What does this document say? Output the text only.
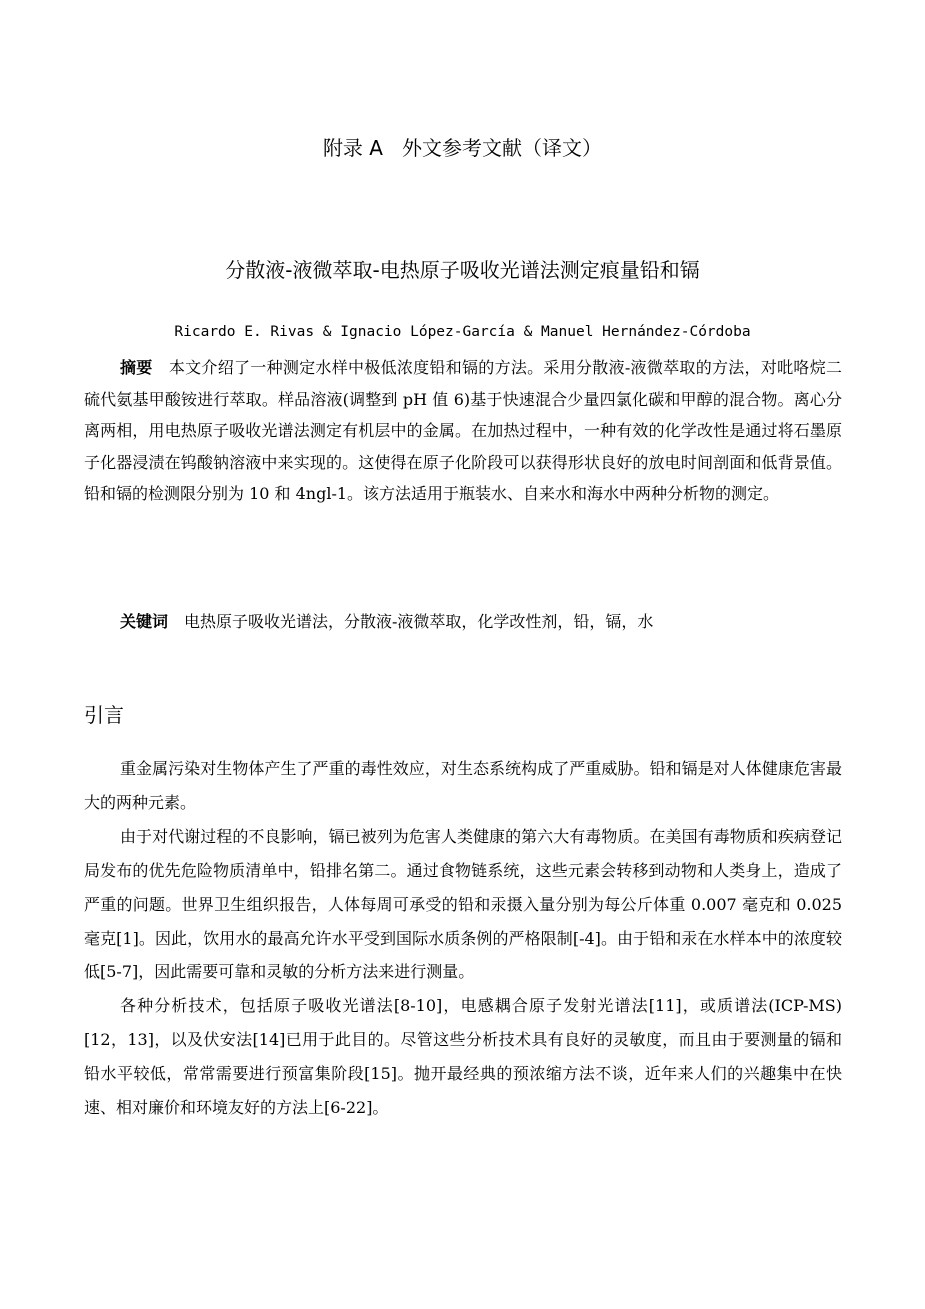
附录 A   外文参考文献（译文）
分散液-液微萃取-电热原子吸收光谱法测定痕量铅和镉
Ricardo E. Rivas & Ignacio López-García & Manuel Hernández-Córdoba

摘要 本文介绍了一种测定水样中极低浓度铅和镉的方法。采用分散液-液微萃取的方法，对吡咯烷二硫代氨基甲酸铵进行萃取。样品溶液(调整到 pH 值 6)基于快速混合少量四氯化碳和甲醇的混合物。离心分离两相，用电热原子吸收光谱法测定有机层中的金属。在加热过程中，一种有效的化学改性是通过将石墨原子化器浸渍在钨酸钠溶液中来实现的。这使得在原子化阶段可以获得形状良好的放电时间剖面和低背景值。铅和镉的检测限分别为 10 和 4ngl-1。该方法适用于瓶装水、自来水和海水中两种分析物的测定。

关键词 电热原子吸收光谱法，分散液-液微萃取，化学改性剂，铅，镉，水

引言

重金属污染对生物体产生了严重的毒性效应，对生态系统构成了严重威胁。铅和镉是对人体健康危害最大的两种元素。

由于对代谢过程的不良影响，镉已被列为危害人类健康的第六大有毒物质。在美国有毒物质和疾病登记局发布的优先危险物质清单中，铅排名第二。通过食物链系统，这些元素会转移到动物和人类身上，造成了严重的问题。世界卫生组织报告，人体每周可承受的铅和汞摄入量分别为每公斤体重 0.007 毫克和 0.025 毫克[1]。因此，饮用水的最高允许水平受到国际水质条例的严格限制[-4]。由于铅和汞在水样本中的浓度较低[5-7]，因此需要可靠和灵敏的分析方法来进行测量。

各种分析技术，包括原子吸收光谱法[8-10]，电感耦合原子发射光谱法[11]，或质谱法(ICP-MS)[12，13]，以及伏安法[14]已用于此目的。尽管这些分析技术具有良好的灵敏度，而且由于要测量的镉和铅水平较低，常常需要进行预富集阶段[15]。抛开最经典的预浓缩方法不谈，近年来人们的兴趣集中在快速、相对廉价和环境友好的方法上[6-22]。
